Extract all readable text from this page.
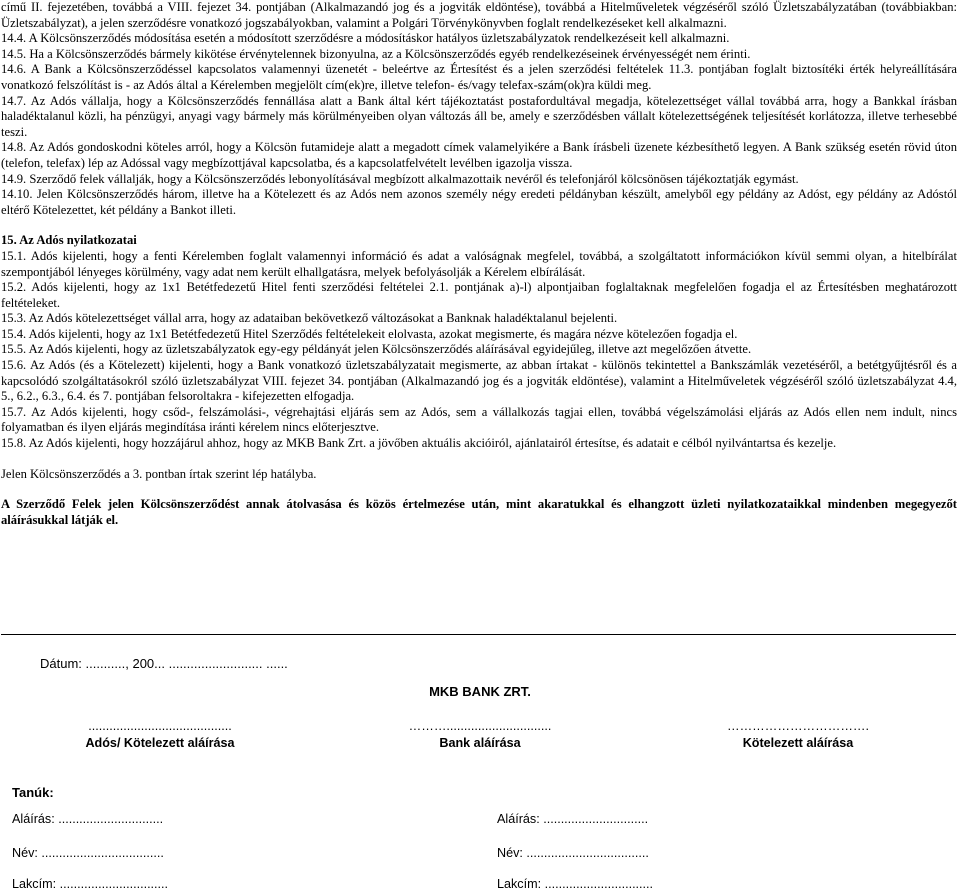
című II. fejezetében, továbbá a VIII. fejezet 34. pontjában (Alkalmazandó jog és a jogviták eldöntése), továbbá a Hitelműveletek végzéséről szóló Üzletszabályzatában (továbbiakban: Üzletszabályzat), a jelen szerződésre vonatkozó jogszabályokban, valamint a Polgári Törvénykönyvben foglalt rendelkezéseket kell alkalmazni.

14.4. A Kölcsönszerződés módosítása esetén a módosított szerződésre a módosításkor hatályos üzletszabályzatok rendelkezéseit kell alkalmazni.

14.5. Ha a Kölcsönszerződés bármely kikötése érvénytelennek bizonyulna, az a Kölcsönszerződés egyéb rendelkezéseinek érvényességét nem érinti.

14.6. A Bank a Kölcsönszerződéssel kapcsolatos valamennyi üzenetét - beleértve az Értesítést és a jelen szerződési feltételek 11.3. pontjában foglalt biztosítéki érték helyreállítására vonatkozó felszólítást is - az Adós által a Kérelemben megjelölt cím(ek)re, illetve telefon- és/vagy telefax-szám(ok)ra küldi meg.

14.7. Az Adós vállalja, hogy a Kölcsönszerződés fennállása alatt a Bank által kért tájékoztatást postafordultával megadja, kötelezettséget vállal továbbá arra, hogy a Bankkal írásban haladéktalanul közli, ha pénzügyi, anyagi vagy bármely más körülményeiben olyan változás áll be, amely e szerződésben vállalt kötelezettségének teljesítését korlátozza, illetve terhesebbé teszi.

14.8. Az Adós gondoskodni köteles arról, hogy a Kölcsön futamideje alatt a megadott címek valamelyikére a Bank írásbeli üzenete kézbesíthető legyen. A Bank szükség esetén rövid úton (telefon, telefax) lép az Adóssal vagy megbízottjával kapcsolatba, és a kapcsolatfelvételt levélben igazolja vissza.

14.9. Szerződő felek vállalják, hogy a Kölcsönszerződés lebonyolításával megbízott alkalmazottaik nevéről és telefonjáról kölcsönösen tájékoztatják egymást.

14.10. Jelen Kölcsönszerződés három, illetve ha a Kötelezett és az Adós nem azonos személy négy eredeti példányban készült, amelyből egy példány az Adóst, egy példány az Adóstól eltérő Kötelezettet, két példány a Bankot illeti.

15. Az Adós nyilatkozatai

15.1. Adós kijelenti, hogy a fenti Kérelemben foglalt valamennyi információ és adat a valóságnak megfelel, továbbá, a szolgáltatott információkon kívül semmi olyan, a hitelbírálat szempontjából lényeges körülmény, vagy adat nem került elhallgatásra, melyek befolyásolják a Kérelem elbírálását.

15.2. Adós kijelenti, hogy az 1x1 Betétfedezetű Hitel fenti szerződési feltételei 2.1. pontjának a)-l) alpontjaiban foglaltaknak megfelelően fogadja el az Értesítésben meghatározott feltételeket.

15.3. Az Adós kötelezettséget vállal arra, hogy az adataiban bekövetkező változásokat a Banknak haladéktalanul bejelenti.

15.4. Adós kijelenti, hogy az 1x1 Betétfedezetű Hitel Szerződés feltételekeit elolvasta, azokat megismerte, és magára nézve kötelezően fogadja el.

15.5. Az Adós kijelenti, hogy az üzletszabályzatok egy-egy példányát jelen Kölcsönszerződés aláírásával egyidejűleg, illetve azt megelőzően átvette.

15.6. Az Adós (és a Kötelezett) kijelenti, hogy a Bank vonatkozó üzletszabályzatait megismerte, az abban írtakat - különös tekintettel a Bankszámlák vezetéséről, a betétgyűjtésről és a kapcsolódó szolgáltatásokról szóló üzletszabályzat VIII. fejezet 34. pontjában (Alkalmazandó jog és a jogviták eldöntése), valamint a Hitelműveletek végzéséről szóló üzletszabályzat 4.4, 5., 6.2., 6.3., 6.4. és 7. pontjában felsoroltakra - kifejezetten elfogadja.

15.7. Az Adós kijelenti, hogy csőd-, felszámolási-, végrehajtási eljárás sem az Adós, sem a vállalkozás tagjai ellen, továbbá végelszámolási eljárás az Adós ellen nem indult, nincs folyamatban és ilyen eljárás megindítása iránti kérelem nincs előterjesztve.

15.8. Az Adós kijelenti, hogy hozzájárul ahhoz, hogy az MKB Bank Zrt. a jövőben aktuális akcióiról, ajánlatairól értesítse, és adatait e célból nyilvántartsa és kezelje.

Jelen Kölcsönszerződés a 3. pontban írtak szerint lép hatályba.

A Szerződő Felek jelen Kölcsönszerződést annak átolvasása és közös értelmezése után, mint akaratukkal és elhangzott üzleti nyilatkozataikkal mindenben megegyezőt aláírásukkal látják el.

Dátum: ..........., 200... .......................... ......
MKB BANK ZRT.
.........................................
Adós/ Kötelezett aláírása
………..............................
Bank aláírása
…………………………….
Kötelezett aláírása
Tanúk:
Aláírás: ..............................
Név: ...................................
Lakcím: ...............................
Aláírás: ..............................
Név: ...................................
Lakcím: ...............................
